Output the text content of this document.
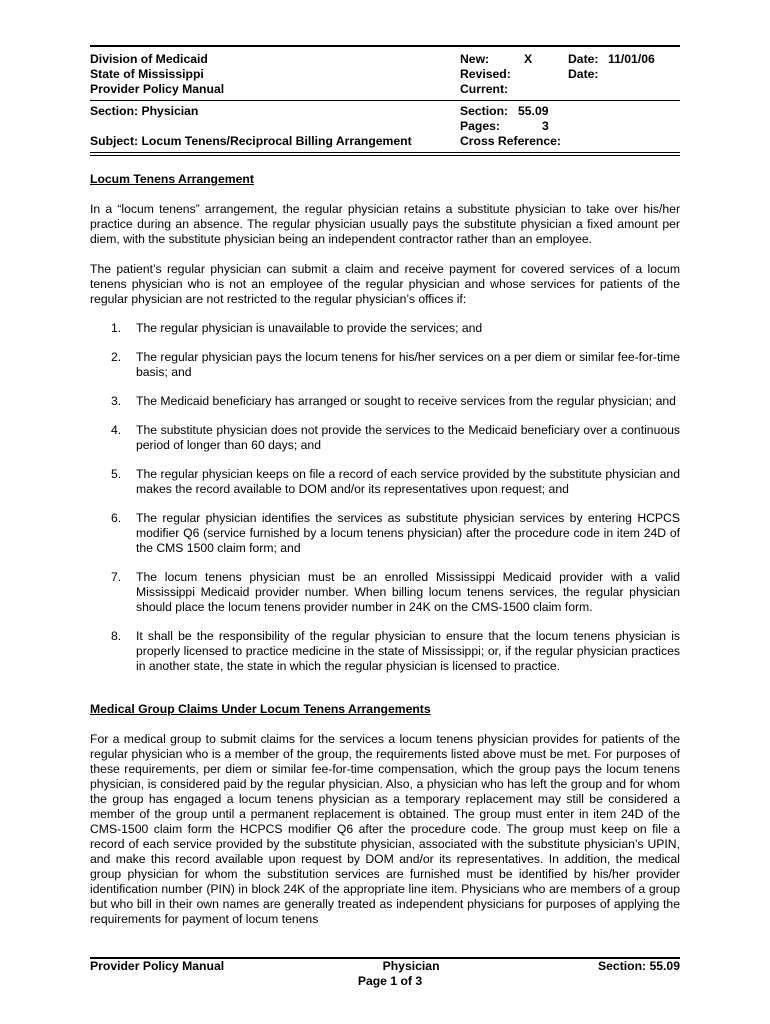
Division of Medicaid
State of Mississippi
Provider Policy Manual
New:	X	Date: 11/01/06
Revised:	Date:
Current:
Section: Physician
Subject: Locum Tenens/Reciprocal Billing Arrangement
Section: 55.09
Pages:	3
Cross Reference:
Locum Tenens Arrangement

In a “locum tenens” arrangement, the regular physician retains a substitute physician to take over his/her practice during an absence. The regular physician usually pays the substitute physician a fixed amount per diem, with the substitute physician being an independent contractor rather than an employee.

The patient’s regular physician can submit a claim and receive payment for covered services of a locum tenens physician who is not an employee of the regular physician and whose services for patients of the regular physician are not restricted to the regular physician’s offices if:

1. The regular physician is unavailable to provide the services; and
2. The regular physician pays the locum tenens for his/her services on a per diem or similar fee-for-time basis; and
3. The Medicaid beneficiary has arranged or sought to receive services from the regular physician; and
4. The substitute physician does not provide the services to the Medicaid beneficiary over a continuous period of longer than 60 days; and
5. The regular physician keeps on file a record of each service provided by the substitute physician and makes the record available to DOM and/or its representatives upon request; and
6. The regular physician identifies the services as substitute physician services by entering HCPCS modifier Q6 (service furnished by a locum tenens physician) after the procedure code in item 24D of the CMS 1500 claim form; and
7. The locum tenens physician must be an enrolled Mississippi Medicaid provider with a valid Mississippi Medicaid provider number. When billing locum tenens services, the regular physician should place the locum tenens provider number in 24K on the CMS-1500 claim form.
8. It shall be the responsibility of the regular physician to ensure that the locum tenens physician is properly licensed to practice medicine in the state of Mississippi; or, if the regular physician practices in another state, the state in which the regular physician is licensed to practice.
Medical Group Claims Under Locum Tenens Arrangements

For a medical group to submit claims for the services a locum tenens physician provides for patients of the regular physician who is a member of the group, the requirements listed above must be met. For purposes of these requirements, per diem or similar fee-for-time compensation, which the group pays the locum tenens physician, is considered paid by the regular physician. Also, a physician who has left the group and for whom the group has engaged a locum tenens physician as a temporary replacement may still be considered a member of the group until a permanent replacement is obtained. The group must enter in item 24D of the CMS-1500 claim form the HCPCS modifier Q6 after the procedure code. The group must keep on file a record of each service provided by the substitute physician, associated with the substitute physician’s UPIN, and make this record available upon request by DOM and/or its representatives. In addition, the medical group physician for whom the substitution services are furnished must be identified by his/her provider identification number (PIN) in block 24K of the appropriate line item. Physicians who are members of a group but who bill in their own names are generally treated as independent physicians for purposes of applying the requirements for payment of locum tenens

Provider Policy Manual	Physician	Section: 55.09
Page 1 of 3
